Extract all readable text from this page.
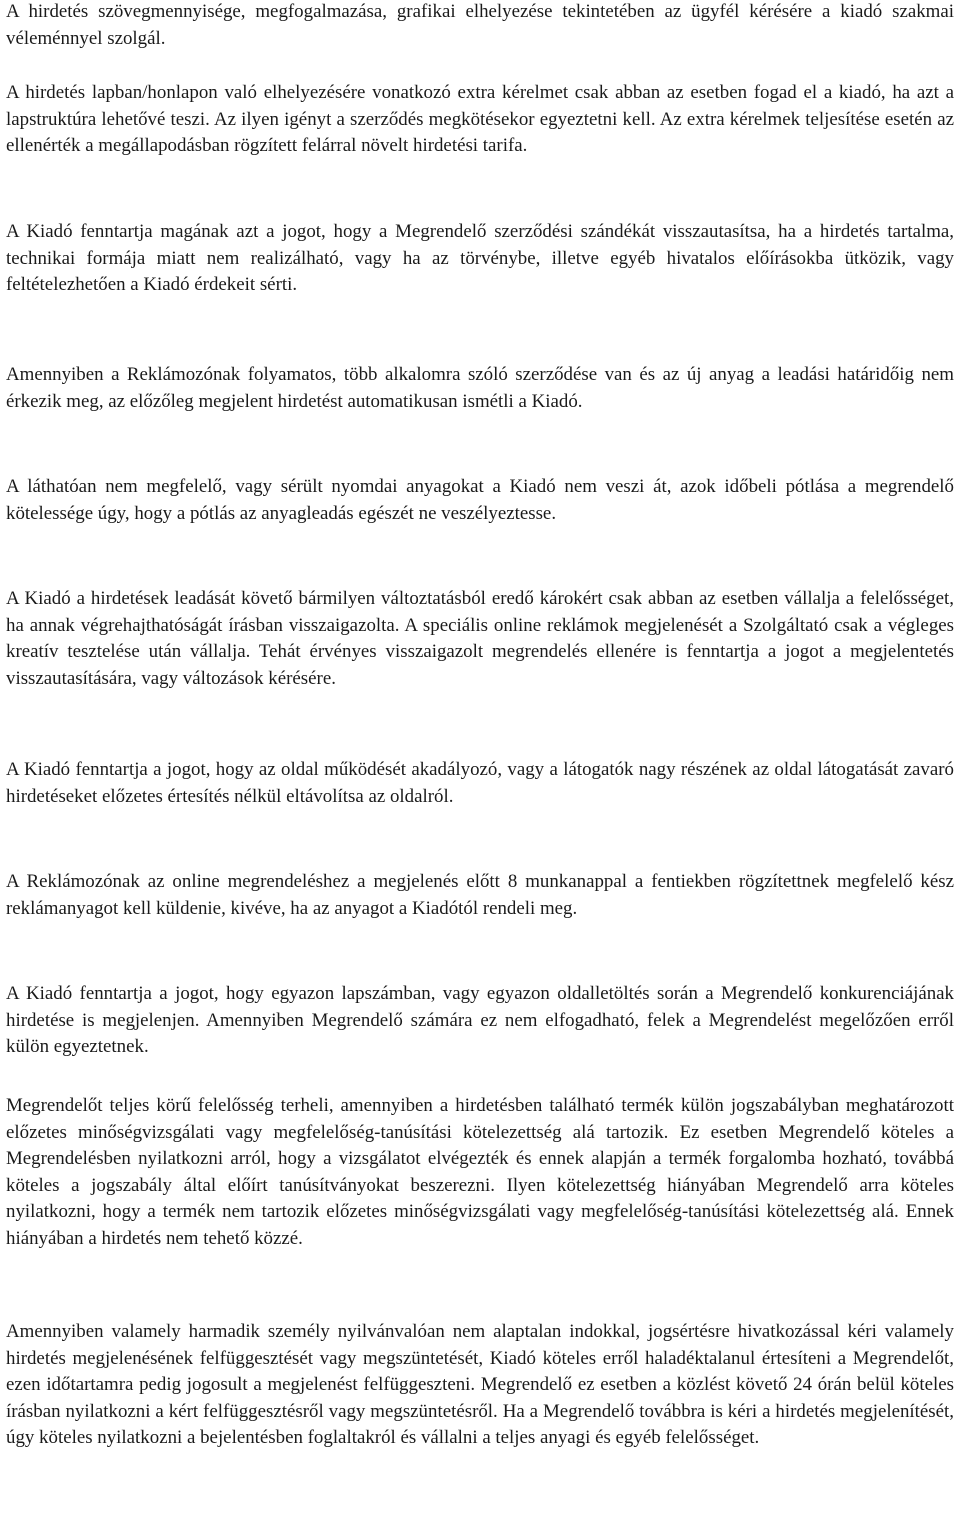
A hirdetés szövegmennyisége, megfogalmazása, grafikai elhelyezése tekintetében az ügyfél kérésére a kiadó szakmai véleménnyel szolgál.

A hirdetés lapban/honlapon való elhelyezésére vonatkozó extra kérelmet csak abban az esetben fogad el a kiadó, ha azt a lapstruktúra lehetővé teszi. Az ilyen igényt a szerződés megkötésekor egyeztetni kell. Az extra kérelmek teljesítése esetén az ellenérték a megállapodásban rögzített felárral növelt hirdetési tarifa.

A Kiadó fenntartja magának azt a jogot, hogy a Megrendelő szerződési szándékát visszautasítsa, ha a hirdetés tartalma, technikai formája miatt nem realizálható, vagy ha az törvénybe, illetve egyéb hivatalos előírásokba ütközik, vagy feltételezhetően a Kiadó érdekeit sérti.

Amennyiben a Reklámozónak folyamatos, több alkalomra szóló szerződése van és az új anyag a leadási határidőig nem érkezik meg, az előzőleg megjelent hirdetést automatikusan ismétli a Kiadó.

A láthatóan nem megfelelő, vagy sérült nyomdai anyagokat a Kiadó nem veszi át, azok időbeli pótlása a megrendelő kötelessége úgy, hogy a pótlás az anyagleadás egészét ne veszélyeztesse.

A Kiadó a hirdetések leadását követő bármilyen változtatásból eredő károkért csak abban az esetben vállalja a felelősséget, ha annak végrehajthatóságát írásban visszaigazolta. A speciális online reklámok megjelenését a Szolgáltató csak a végleges kreatív tesztelése után vállalja. Tehát érvényes visszaigazolt megrendelés ellenére is fenntartja a jogot a megjelentetés visszautasítására, vagy változások kérésére.

A Kiadó fenntartja a jogot, hogy az oldal működését akadályozó, vagy a látogatók nagy részének az oldal látogatását zavaró hirdetéseket előzetes értesítés nélkül eltávolítsa az oldalról.

A Reklámozónak az online megrendeléshez a megjelenés előtt 8 munkanappal a fentiekben rögzítettnek megfelelő kész reklámanyagot kell küldenie, kivéve, ha az anyagot a Kiadótól rendeli meg.

A Kiadó fenntartja a jogot, hogy egyazon lapszámban, vagy egyazon oldalletöltés során a Megrendelő konkurenciájának hirdetése is megjelenjen. Amennyiben Megrendelő számára ez nem elfogadható, felek a Megrendelést megelőzően erről külön egyeztetnek.

Megrendelőt teljes körű felelősség terheli, amennyiben a hirdetésben található termék külön jogszabályban meghatározott előzetes minőségvizsgálati vagy megfelelőség-tanúsítási kötelezettség alá tartozik. Ez esetben Megrendelő köteles a Megrendelésben nyilatkozni arról, hogy a vizsgálatot elvégezték és ennek alapján a termék forgalomba hozható, továbbá köteles a jogszabály által előírt tanúsítványokat beszerezni. Ilyen kötelezettség hiányában Megrendelő arra köteles nyilatkozni, hogy a termék nem tartozik előzetes minőségvizsgálati vagy megfelelőség-tanúsítási kötelezettség alá. Ennek hiányában a hirdetés nem tehető közzé.

Amennyiben valamely harmadik személy nyilvánvalóan nem alaptalan indokkal, jogsértésre hivatkozással kéri valamely hirdetés megjelenésének felfüggesztését vagy megszüntetését, Kiadó köteles erről haladéktalanul értesíteni a Megrendelőt, ezen időtartamra pedig jogosult a megjelenést felfüggeszteni. Megrendelő ez esetben a közlést követő 24 órán belül köteles írásban nyilatkozni a kért felfüggesztésről vagy megszüntetésről. Ha a Megrendelő továbbra is kéri a hirdetés megjelenítését, úgy köteles nyilatkozni a bejelentésben foglaltakról és vállalni a teljes anyagi és egyéb felelősséget.
